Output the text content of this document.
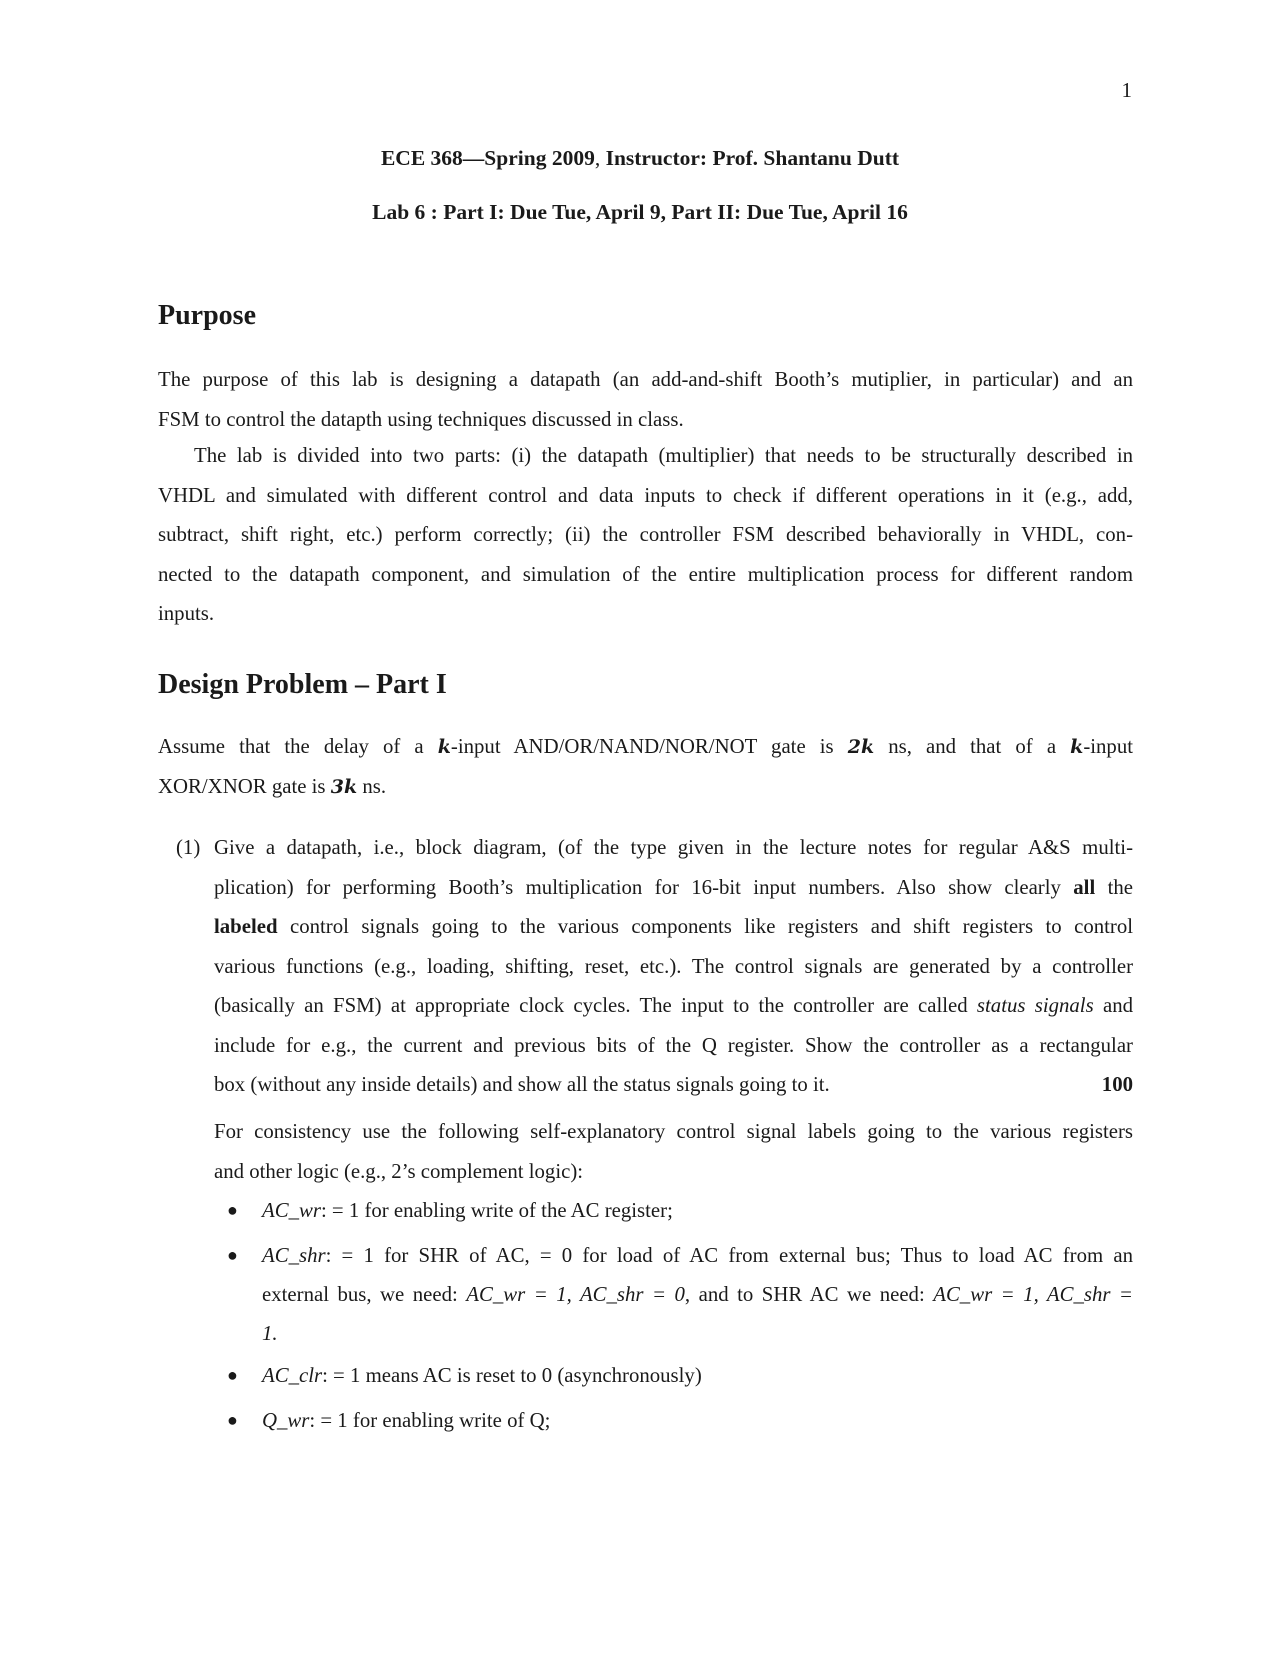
1
ECE 368—Spring 2009, Instructor: Prof. Shantanu Dutt
Lab 6 : Part I: Due Tue, April 9, Part II: Due Tue, April 16
Purpose
The purpose of this lab is designing a datapath (an add-and-shift Booth’s mutiplier, in particular) and an
FSM to control the datapth using techniques discussed in class.
The lab is divided into two parts: (i) the datapath (multiplier) that needs to be structurally described in
VHDL and simulated with different control and data inputs to check if different operations in it (e.g., add,
subtract, shift right, etc.) perform correctly; (ii) the controller FSM described behaviorally in VHDL, con-
nected to the datapath component, and simulation of the entire multiplication process for different random
inputs.
Design Problem – Part I
Assume that the delay of a k-input AND/OR/NAND/NOR/NOT gate is 2k ns, and that of a k-input
XOR/XNOR gate is 3k ns.
(1) Give a datapath, i.e., block diagram, (of the type given in the lecture notes for regular A&S multi-
plication) for performing Booth’s multiplication for 16-bit input numbers. Also show clearly all the
labeled control signals going to the various components like registers and shift registers to control
various functions (e.g., loading, shifting, reset, etc.). The control signals are generated by a controller
(basically an FSM) at appropriate clock cycles. The input to the controller are called status signals and
include for e.g., the current and previous bits of the Q register. Show the controller as a rectangular
box (without any inside details) and show all the status signals going to it.	100
For consistency use the following self-explanatory control signal labels going to the various registers
and other logic (e.g., 2’s complement logic):
●	AC_wr: = 1 for enabling write of the AC register;
●	AC_shr: = 1 for SHR of AC, = 0 for load of AC from external bus; Thus to load AC from an
external bus, we need: AC_wr = 1, AC_shr = 0, and to SHR AC we need: AC_wr = 1, AC_shr =
1.
●	AC_clr: = 1 means AC is reset to 0 (asynchronously)
●	Q_wr: = 1 for enabling write of Q;
